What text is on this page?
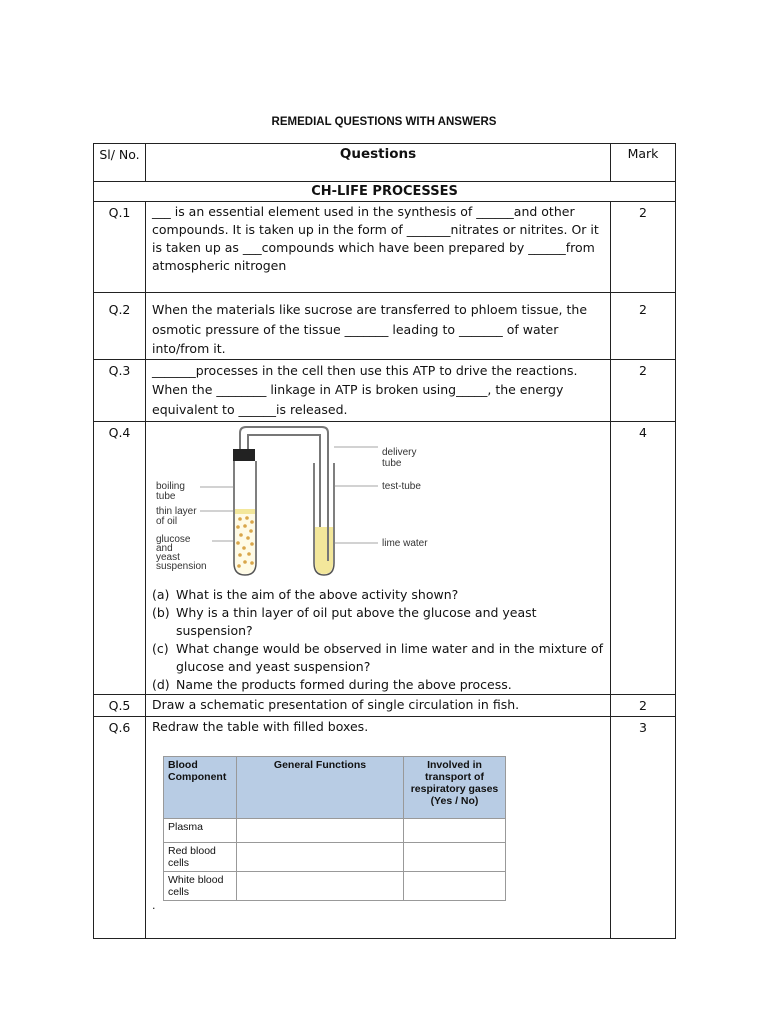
REMEDIAL QUESTIONS WITH ANSWERS
Sl/ No.	Questions	Mark
CH-LIFE PROCESSES
Q.1	___ is an essential element used in the synthesis of ______and other compounds. It is taken up in the form of _______nitrates or nitrites. Or it is taken up as ___compounds which have been prepared by ______from atmospheric nitrogen	2
Q.2	When the materials like sucrose are transferred to phloem tissue, the osmotic pressure of the tissue _______ leading to _______ of water into/from it.	2
Q.3	_______processes in the cell then use this ATP to drive the reactions. When the ________ linkage in ATP is broken using_____, the energy equivalent to ______is released.	2
Q.4	
delivery tube
test-tube
lime water
boiling tube
thin layer of oil
glucose and yeast suspension
(a) What is the aim of the above activity shown?
(b) Why is a thin layer of oil put above the glucose and yeast suspension?
(c) What change would be observed in lime water and in the mixture of glucose and yeast suspension?
(d) Name the products formed during the above process.
	4
Q.5	Draw a schematic presentation of single circulation in fish.	2
Q.6	Redraw the table with filled boxes.
Blood Component	General Functions	Involved in transport of respiratory gases (Yes / No)
Plasma		
Red blood cells		
White blood cells		
.
	3
